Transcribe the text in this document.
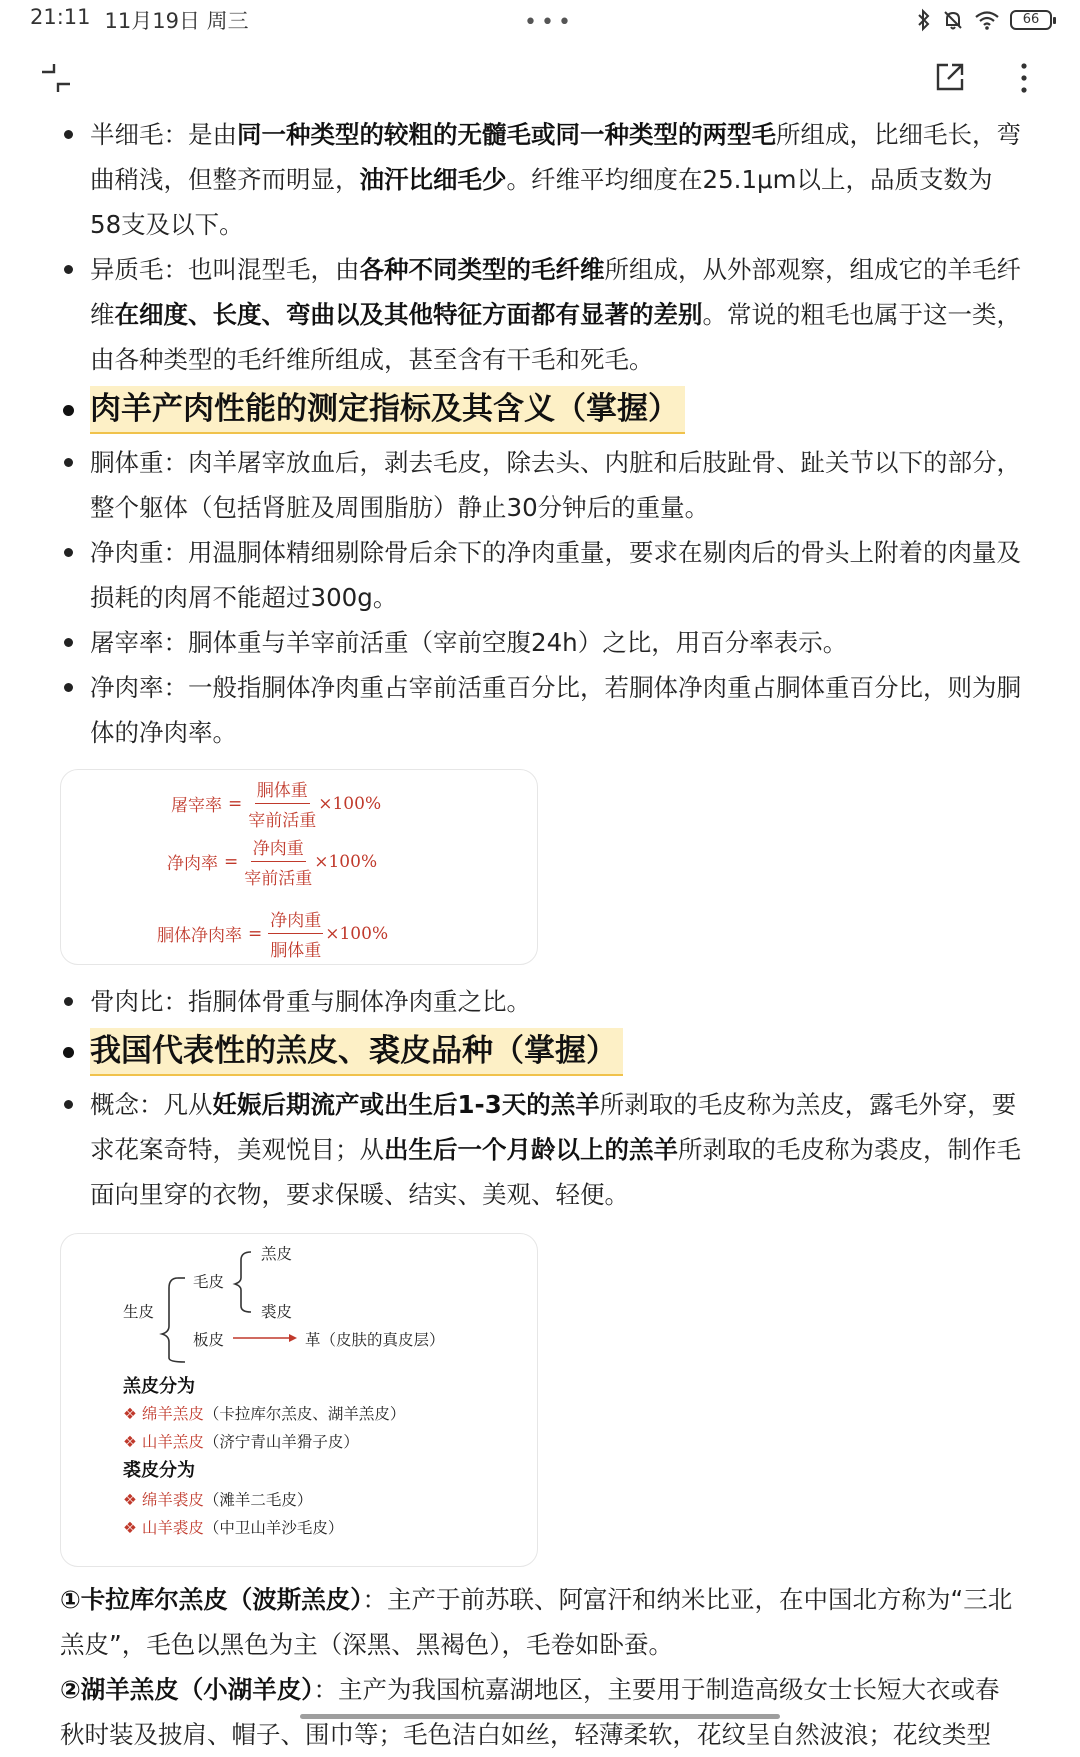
21:11 11月19日 周三	66
•••
半细毛：是由同一种类型的较粗的无髓毛或同一种类型的两型毛所组成，比细毛长，弯曲稍浅，但整齐而明显，油汗比细毛少。纤维平均细度在25.1μm以上，品质支数为58支及以下。
异质毛：也叫混型毛，由各种不同类型的毛纤维所组成，从外部观察，组成它的羊毛纤维在细度、长度、弯曲以及其他特征方面都有显著的差别。常说的粗毛也属于这一类，由各种类型的毛纤维所组成，甚至含有干毛和死毛。
肉羊产肉性能的测定指标及其含义（掌握）
胴体重：肉羊屠宰放血后，剥去毛皮，除去头、内脏和后肢趾骨、趾关节以下的部分，整个躯体（包括肾脏及周围脂肪）静止30分钟后的重量。
净肉重：用温胴体精细剔除骨后余下的净肉重量，要求在剔肉后的骨头上附着的肉量及损耗的肉屑不能超过300g。
屠宰率：胴体重与羊宰前活重（宰前空腹24h）之比，用百分率表示。
净肉率：一般指胴体净肉重占宰前活重百分比，若胴体净肉重占胴体重百分比，则为胴体的净肉率。
屠宰率 = $\frac{\text{胴体重}}{\text{宰前活重}} \times 100\%$
净肉率 = $\frac{\text{净肉重}}{\text{宰前活重}} \times 100\%$
胴体净肉率 = $\frac{\text{净肉重}}{\text{胴体重}} \times 100\%$
骨肉比：指胴体骨重与胴体净肉重之比。
我国代表性的羔皮、裘皮品种（掌握）
概念：凡从妊娠后期流产或出生后1-3天的羔羊所剥取的毛皮称为羔皮，露毛外穿，要求花案奇特，美观悦目；从出生后一个月龄以上的羔羊所剥取的毛皮称为裘皮，制作毛面向里穿的衣物，要求保暖、结实、美观、轻便。
生皮
毛皮
羔皮
裘皮
板皮	革（皮肤的真皮层）
羔皮分为
❖ 绵羊羔皮（卡拉库尔羔皮、湖羊羔皮）
❖ 山羊羔皮（济宁青山羊猾子皮）
裘皮分为
❖ 绵羊裘皮（滩羊二毛皮）
❖ 山羊裘皮（中卫山羊沙毛皮）
①卡拉库尔羔皮（波斯羔皮）：主产于前苏联、阿富汗和纳米比亚，在中国北方称为“三北羔皮”，毛色以黑色为主（深黑、黑褐色），毛卷如卧蚕。
②湖羊羔皮（小湖羊皮）：主产为我国杭嘉湖地区，主要用于制造高级女士长短大衣或春秋时装及披肩、帽子、围巾等；毛色洁白如丝，轻薄柔软，花纹呈自然波浪；花纹类型
